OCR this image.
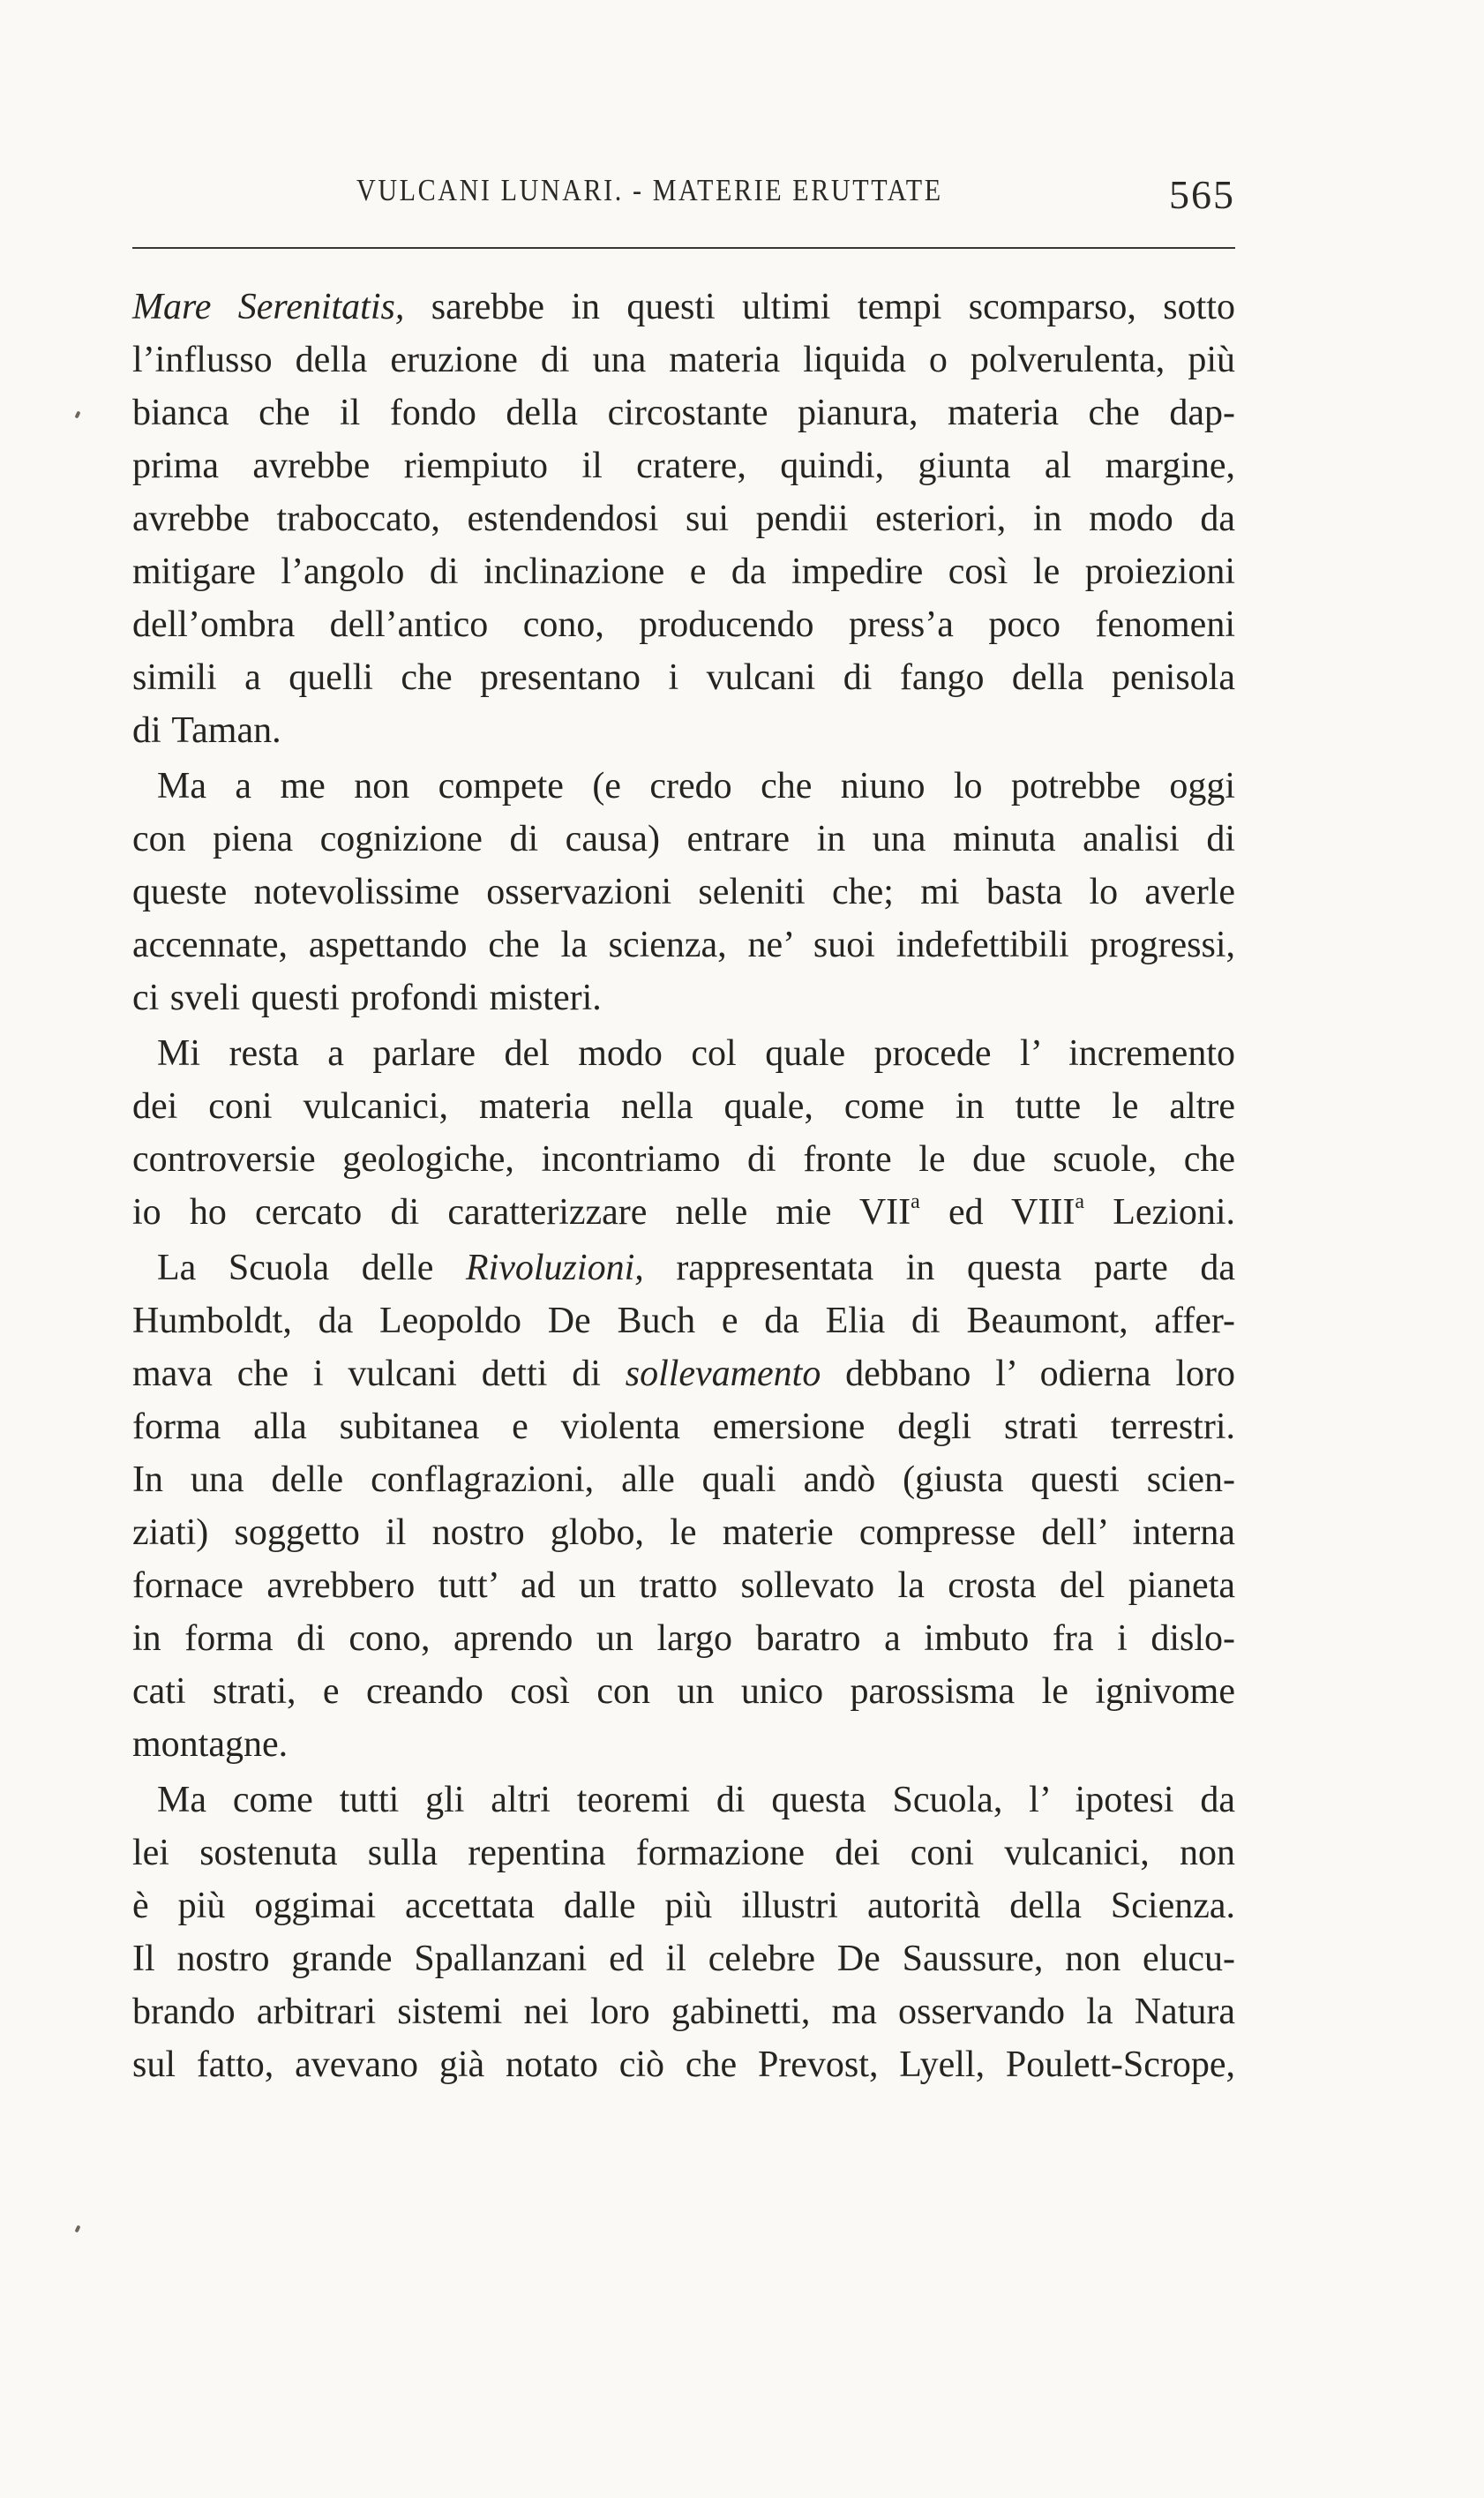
VULCANI LUNARI. - MATERIE ERUTTATE	565
Mare Serenitatis, sarebbe in questi ultimi tempi scomparso, sotto
l’influsso della eruzione di una materia liquida o polverulenta, più
bianca che il fondo della circostante pianura, materia che dap-
prima avrebbe riempiuto il cratere, quindi, giunta al margine,
avrebbe traboccato, estendendosi sui pendii esteriori, in modo da
mitigare l’angolo di inclinazione e da impedire così le proiezioni
dell’ombra dell’antico cono, producendo press’a poco fenomeni
simili a quelli che presentano i vulcani di fango della penisola
di Taman.
Ma a me non compete (e credo che niuno lo potrebbe oggi
con piena cognizione di causa) entrare in una minuta analisi di
queste notevolissime osservazioni seleniti che; mi basta lo averle
accennate, aspettando che la scienza, ne’ suoi indefettibili progressi,
ci sveli questi profondi misteri.
Mi resta a parlare del modo col quale procede l’ incremento
dei coni vulcanici, materia nella quale, come in tutte le altre
controversie geologiche, incontriamo di fronte le due scuole, che
io ho cercato di caratterizzare nelle mie VII$^a$ ed VIII$^a$ Lezioni.
La Scuola delle Rivoluzioni, rappresentata in questa parte da
Humboldt, da Leopoldo De Buch e da Elia di Beaumont, affer-
mava che i vulcani detti di sollevamento debbano l’ odierna loro
forma alla subitanea e violenta emersione degli strati terrestri.
In una delle conflagrazioni, alle quali andò (giusta questi scien-
ziati) soggetto il nostro globo, le materie compresse dell’ interna
fornace avrebbero tutt’ ad un tratto sollevato la crosta del pianeta
in forma di cono, aprendo un largo baratro a imbuto fra i dislo-
cati strati, e creando così con un unico parossisma le ignivome
montagne.
Ma come tutti gli altri teoremi di questa Scuola, l’ ipotesi da
lei sostenuta sulla repentina formazione dei coni vulcanici, non
è più oggimai accettata dalle più illustri autorità della Scienza.
Il nostro grande Spallanzani ed il celebre De Saussure, non elucu-
brando arbitrari sistemi nei loro gabinetti, ma osservando la Natura
sul fatto, avevano già notato ciò che Prevost, Lyell, Poulett-Scrope,
